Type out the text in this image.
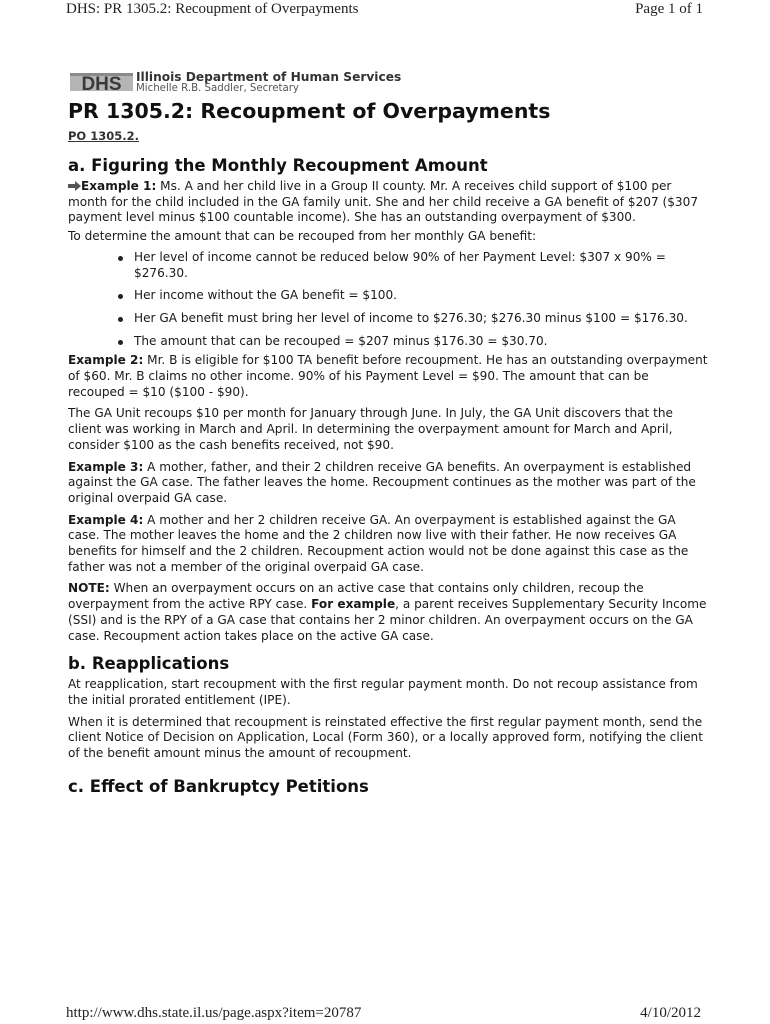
DHS: PR 1305.2: Recoupment of Overpayments	Page 1 of 1
DHS Illinois Department of Human Services
Michelle R.B. Saddler, Secretary
PR 1305.2: Recoupment of Overpayments
PO 1305.2.
a. Figuring the Monthly Recoupment Amount

Example 1: Ms. A and her child live in a Group II county. Mr. A receives child support of $100 per month for the child included in the GA family unit. She and her child receive a GA benefit of $207 ($307 payment level minus $100 countable income). She has an outstanding overpayment of $300.

To determine the amount that can be recouped from her monthly GA benefit:

Her level of income cannot be reduced below 90% of her Payment Level: $307 x 90% = $276.30.
Her income without the GA benefit = $100.
Her GA benefit must bring her level of income to $276.30; $276.30 minus $100 = $176.30.
The amount that can be recouped = $207 minus $176.30 = $30.70.

Example 2: Mr. B is eligible for $100 TA benefit before recoupment. He has an outstanding overpayment of $60. Mr. B claims no other income. 90% of his Payment Level = $90. The amount that can be recouped = $10 ($100 - $90).

The GA Unit recoups $10 per month for January through June. In July, the GA Unit discovers that the client was working in March and April. In determining the overpayment amount for March and April, consider $100 as the cash benefits received, not $90.

Example 3: A mother, father, and their 2 children receive GA benefits. An overpayment is established against the GA case. The father leaves the home. Recoupment continues as the mother was part of the original overpaid GA case.

Example 4: A mother and her 2 children receive GA. An overpayment is established against the GA case. The mother leaves the home and the 2 children now live with their father. He now receives GA benefits for himself and the 2 children. Recoupment action would not be done against this case as the father was not a member of the original overpaid GA case.

NOTE: When an overpayment occurs on an active case that contains only children, recoup the overpayment from the active RPY case. For example, a parent receives Supplementary Security Income (SSI) and is the RPY of a GA case that contains her 2 minor children. An overpayment occurs on the GA case. Recoupment action takes place on the active GA case.

b. Reapplications

At reapplication, start recoupment with the first regular payment month. Do not recoup assistance from the initial prorated entitlement (IPE).

When it is determined that recoupment is reinstated effective the first regular payment month, send the client Notice of Decision on Application, Local (Form 360), or a locally approved form, notifying the client of the benefit amount minus the amount of recoupment.

c. Effect of Bankruptcy Petitions
http://www.dhs.state.il.us/page.aspx?item=20787	4/10/2012
